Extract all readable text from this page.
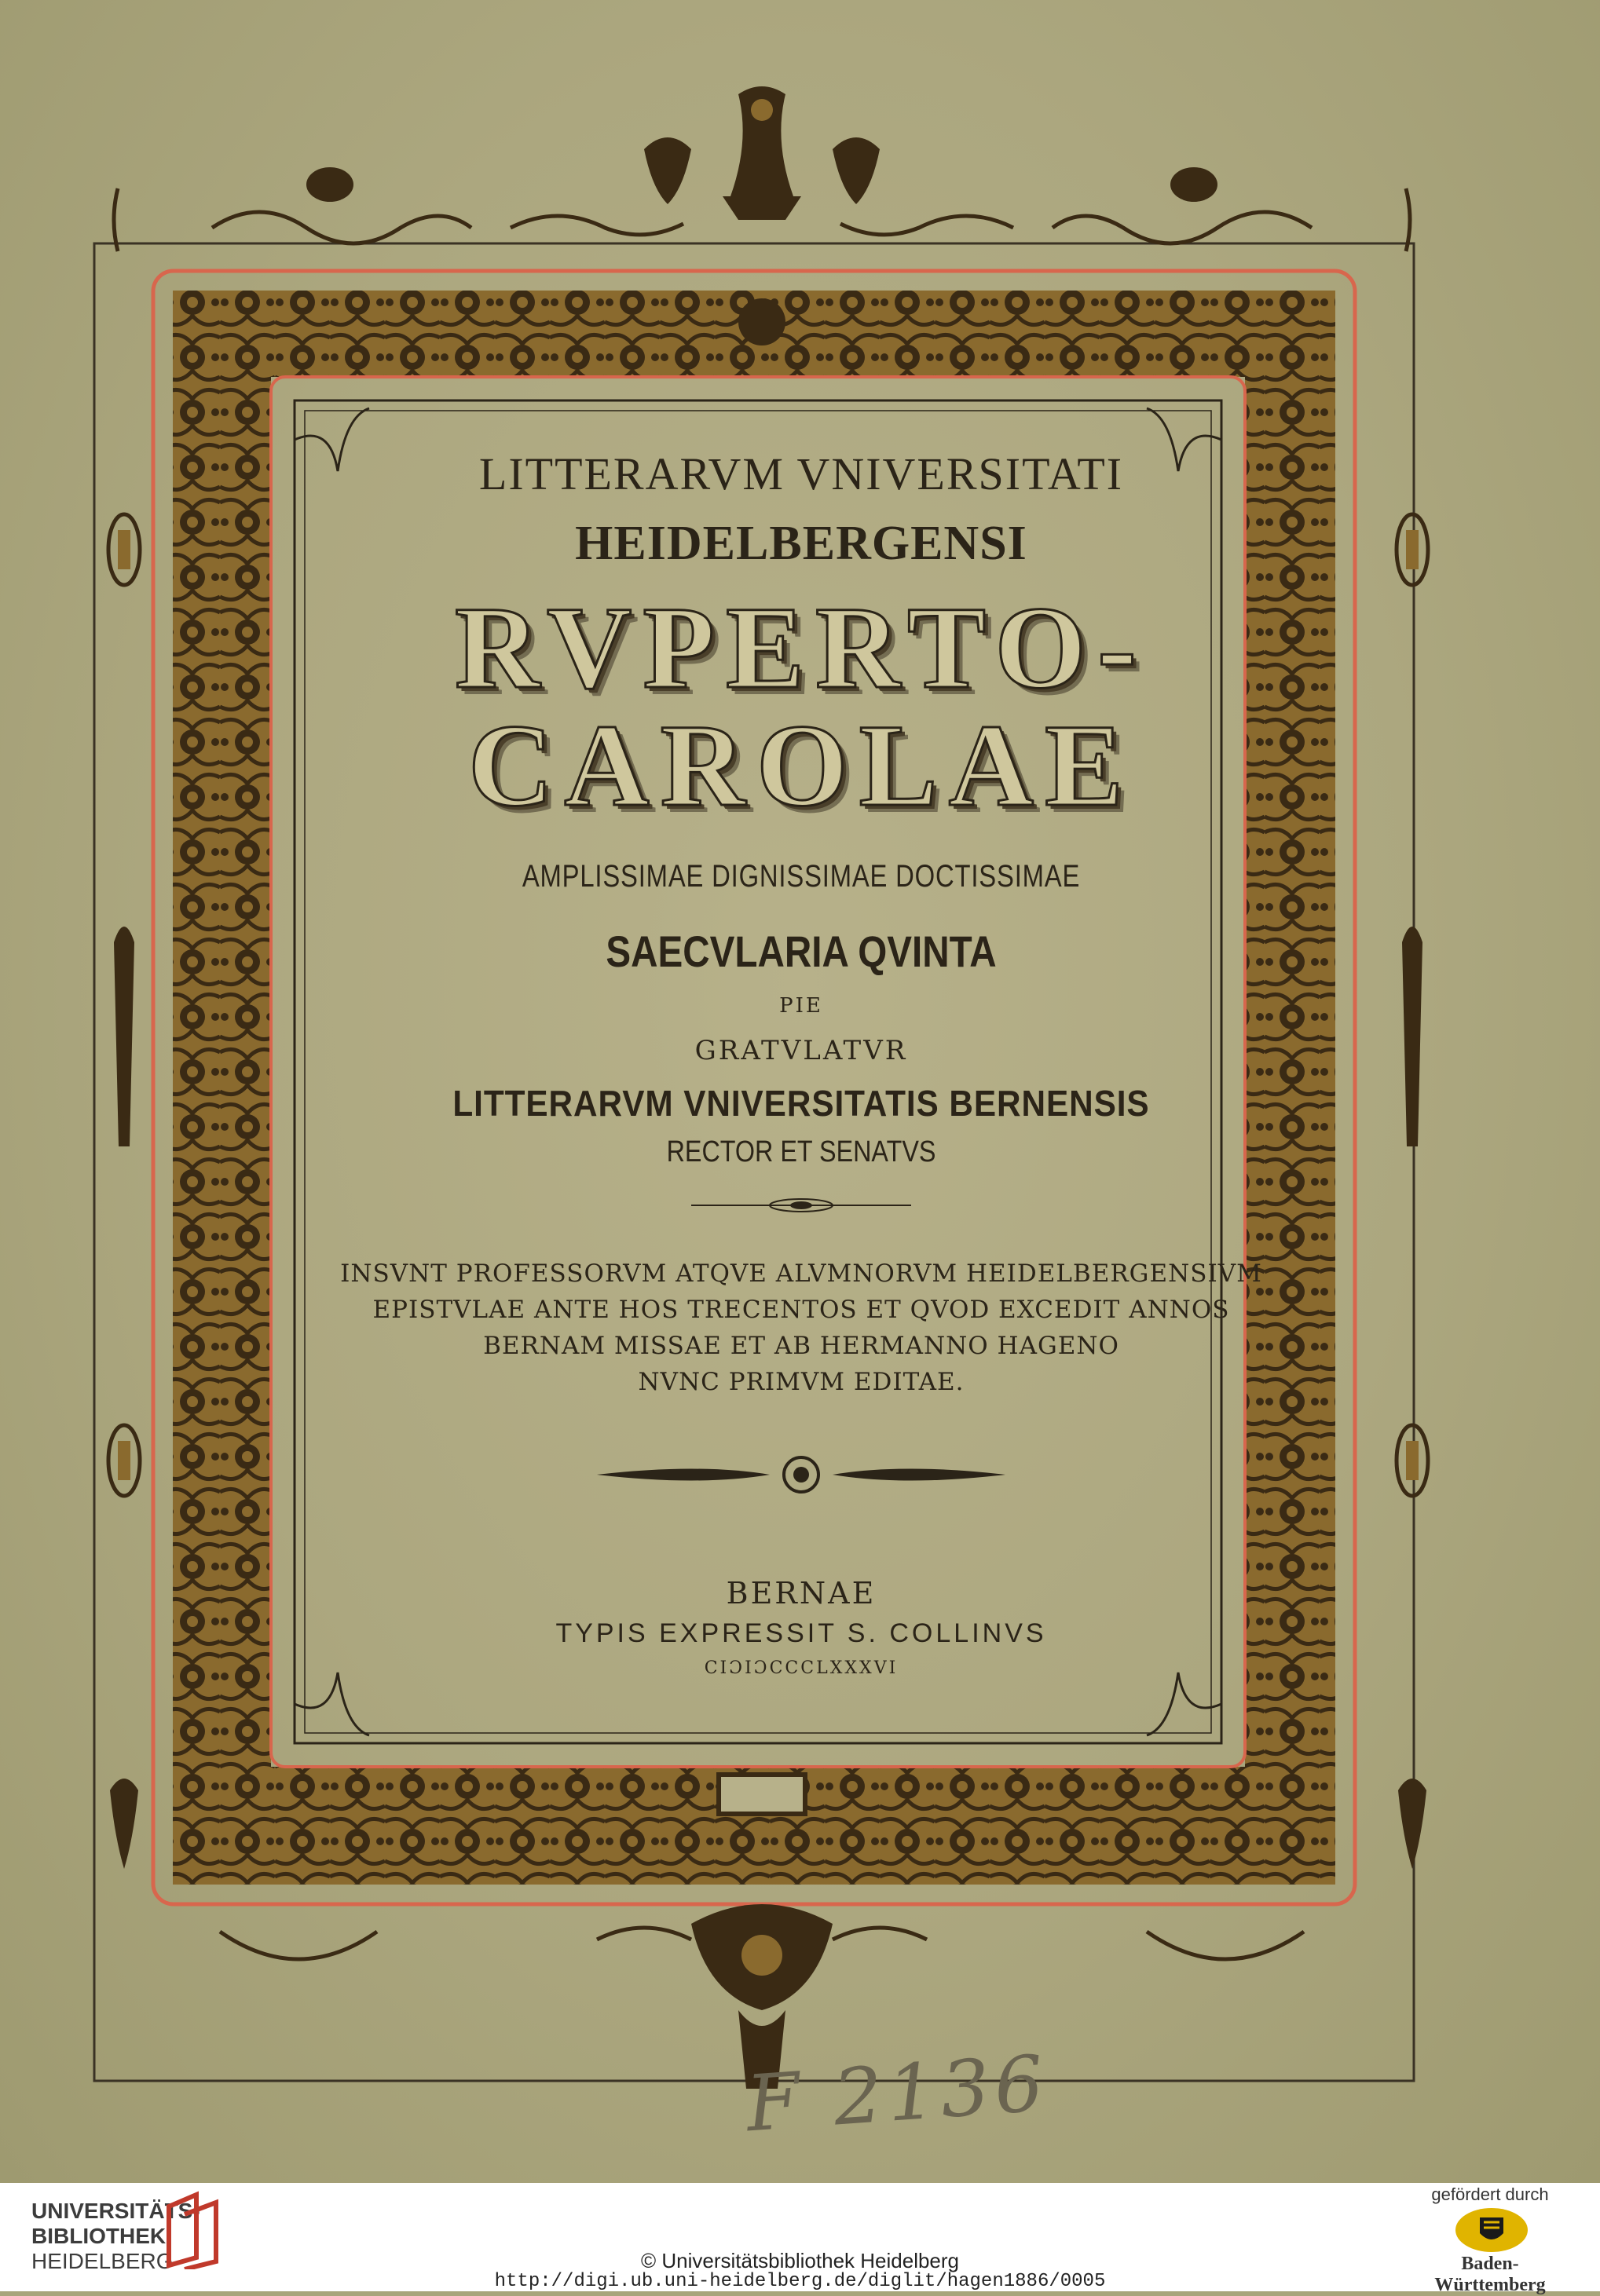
LITTERARVM VNIVERSITATI
HEIDELBERGENSI
RVPERTO-CAROLAE
AMPLISSIMAE DIGNISSIMAE DOCTISSIMAE
SAECVLARIA QVINTA
PIE
GRATVLATVR
LITTERARVM VNIVERSITATIS BERNENSIS
RECTOR ET SENATVS
INSVNT PROFESSORVM ATQVE ALVMNORVM HEIDELBERGENSIVM
EPISTVLAE ANTE HOS TRECENTOS ET QVOD EXCEDIT ANNOS
BERNAM MISSAE ET AB HERMANNO HAGENO
NVNC PRIMVM EDITAE.
BERNAE
TYPIS EXPRESSIT S. COLLINVS
CIƆIƆCCCLXXXVI
F 2136
UNIVERSITÄTS-
BIBLIOTHEK
HEIDELBERG	© Universitätsbibliothek Heidelberg
http://digi.ub.uni-heidelberg.de/diglit/hagen1886/0005
gefördert durch
Baden-Württemberg
